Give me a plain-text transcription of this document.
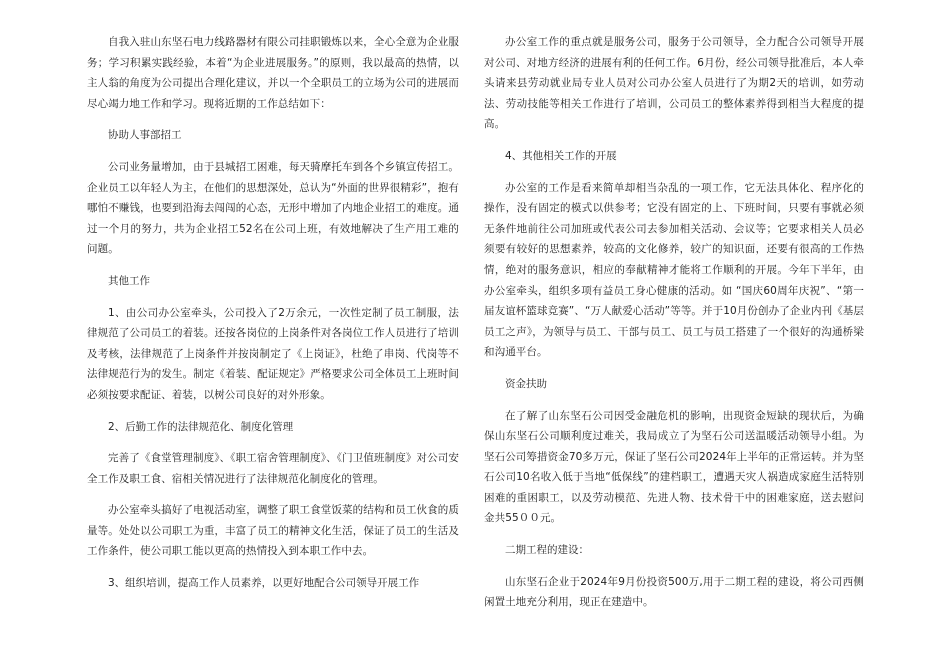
自我入驻山东坚石电力线路器材有限公司挂职锻炼以来，全心全意为企业服务；学习积累实践经验，本着“为企业进展服务。”的原则，我以最高的热情，以主人翁的角度为公司提出合理化建议，并以一个全职员工的立场为公司的进展而尽心竭力地工作和学习。现将近期的工作总结如下：

协助人事部招工

公司业务量增加，由于县城招工困难，每天骑摩托车到各个乡镇宣传招工。企业员工以年轻人为主，在他们的思想深处，总认为“外面的世界很精彩”，抱有哪怕不赚钱，也要到沿海去闯闯的心态，无形中增加了内地企业招工的难度。通过一个月的努力，共为企业招工52名在公司上班，有效地解决了生产用工难的问题。

其他工作

1、由公司办公室牵头，公司投入了2万余元，一次性定制了员工制服，法律规范了公司员工的着装。还按各岗位的上岗条件对各岗位工作人员进行了培训及考核，法律规范了上岗条件并按岗制定了《上岗证》，杜绝了串岗、代岗等不法律规范行为的发生。制定《着装、配证规定》严格要求公司全体员工上班时间必须按要求配证、着装，以树公司良好的对外形象。

2、后勤工作的法律规范化、制度化管理

完善了《食堂管理制度》、《职工宿舍管理制度》、《门卫值班制度》对公司安全工作及职工食、宿相关情况进行了法律规范化制度化的管理。

办公室牵头搞好了电视活动室，调整了职工食堂饭菜的结构和员工伙食的质量等。处处以公司职工为重，丰富了员工的精神文化生活，保证了员工的生活及工作条件，使公司职工能以更高的热情投入到本职工作中去。

3、组织培训，提高工作人员素养，以更好地配合公司领导开展工作

办公室工作的重点就是服务公司，服务于公司领导，全力配合公司领导开展对公司、对地方经济的进展有利的任何工作。6月份，经公司领导批准后，本人牵头请来县劳动就业局专业人员对公司办公室人员进行了为期2天的培训，如劳动法、劳动技能等相关工作进行了培训，公司员工的整体素养得到相当大程度的提高。

4、其他相关工作的开展

办公室的工作是看来简单却相当杂乱的一项工作，它无法具体化、程序化的操作，没有固定的模式以供参考；它没有固定的上、下班时间，只要有事就必须无条件地前往公司加班或代表公司去参加相关活动、会议等；它要求相关人员必须要有较好的思想素养，较高的文化修养，较广的知识面，还要有很高的工作热情，绝对的服务意识，相应的奉献精神才能将工作顺利的开展。今年下半年，由办公室牵头，组织多项有益员工身心健康的活动。如 “国庆60周年庆祝”、“第一届友谊杯篮球竞赛”、“万人献爱心活动”等等。并于10月份创办了企业内刊《基层员工之声》，为领导与员工、干部与员工、员工与员工搭建了一个很好的沟通桥梁和沟通平台。

资金扶助

在了解了山东坚石公司因受金融危机的影响，出现资金短缺的现状后，为确保山东坚石公司顺利度过难关，我局成立了为坚石公司送温暖活动领导小组。为坚石公司筹措资金70多万元，保证了坚石公司2024年上半年的正常运转。并为坚石公司10名收入低于当地“低保线”的建档职工，遭遇天灾人祸造成家庭生活特别困难的重困职工，以及劳动模范、先进人物、技术骨干中的困难家庭，送去慰问金共55００元。

二期工程的建设：

山东坚石企业于2024年9月份投资500万,用于二期工程的建设，将公司西侧闲置土地充分利用，现正在建造中。
